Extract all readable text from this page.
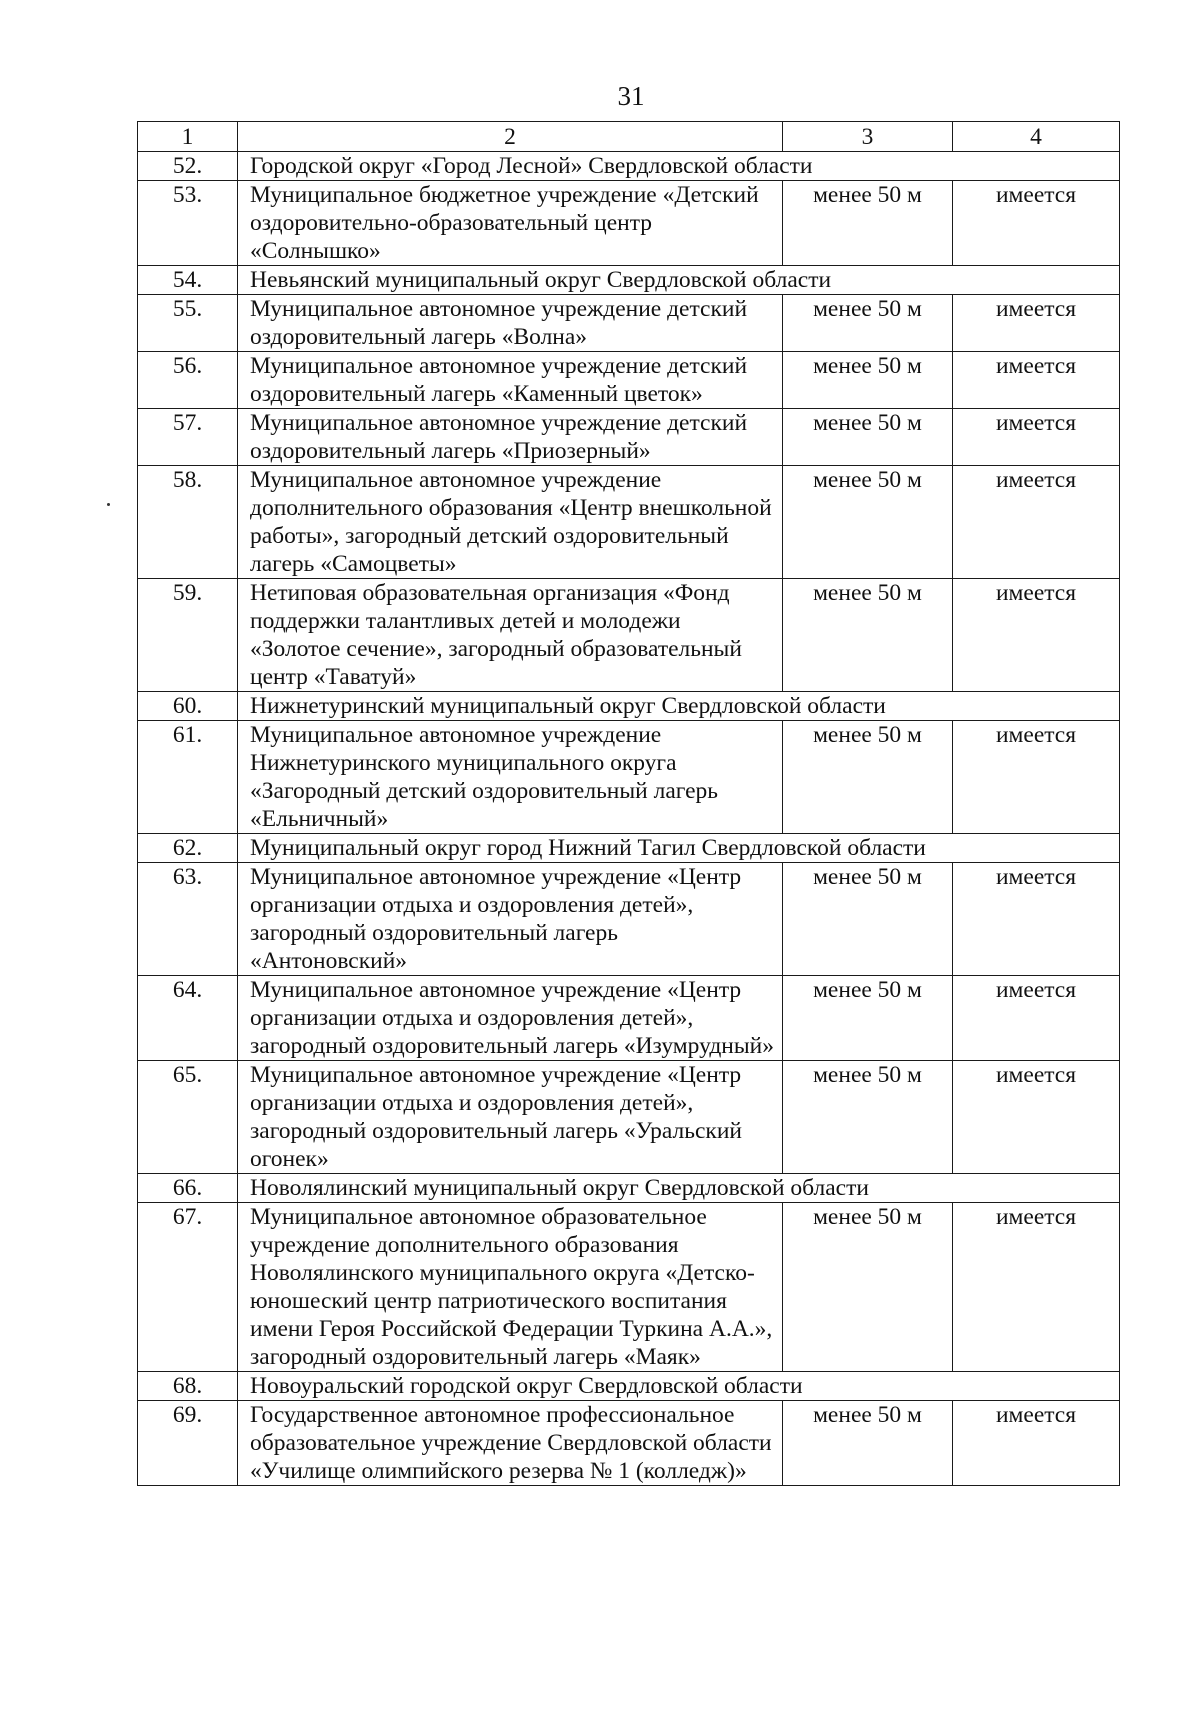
31
1	2	3	4
52.	Городской округ «Город Лесной» Свердловской области		
53.	Муниципальное бюджетное учреждение «Детский оздоровительно-образовательный центр «Солнышко»	менее 50 м	имеется
54.	Невьянский муниципальный округ Свердловской области		
55.	Муниципальное автономное учреждение детский оздоровительный лагерь «Волна»	менее 50 м	имеется
56.	Муниципальное автономное учреждение детский оздоровительный лагерь «Каменный цветок»	менее 50 м	имеется
57.	Муниципальное автономное учреждение детский оздоровительный лагерь «Приозерный»	менее 50 м	имеется
58.	Муниципальное автономное учреждение дополнительного образования «Центр внешкольной работы», загородный детский оздоровительный лагерь «Самоцветы»	менее 50 м	имеется
59.	Нетиповая образовательная организация «Фонд поддержки талантливых детей и молодежи «Золотое сечение», загородный образовательный центр «Таватуй»	менее 50 м	имеется
60.	Нижнетуринский муниципальный округ Свердловской области		
61.	Муниципальное автономное учреждение Нижнетуринского муниципального округа «Загородный детский оздоровительный лагерь «Ельничный»	менее 50 м	имеется
62.	Муниципальный округ город Нижний Тагил Свердловской области		
63.	Муниципальное автономное учреждение «Центр организации отдыха и оздоровления детей», загородный оздоровительный лагерь «Антоновский»	менее 50 м	имеется
64.	Муниципальное автономное учреждение «Центр организации отдыха и оздоровления детей», загородный оздоровительный лагерь «Изумрудный»	менее 50 м	имеется
65.	Муниципальное автономное учреждение «Центр организации отдыха и оздоровления детей», загородный оздоровительный лагерь «Уральский огонек»	менее 50 м	имеется
66.	Новолялинский муниципальный округ Свердловской области		
67.	Муниципальное автономное образовательное учреждение дополнительного образования Новолялинского муниципального округа «Детско-юношеский центр патриотического воспитания имени Героя Российской Федерации Туркина А.А.», загородный оздоровительный лагерь «Маяк»	менее 50 м	имеется
68.	Новоуральский городской округ Свердловской области		
69.	Государственное автономное профессиональное образовательное учреждение Свердловской области «Училище олимпийского резерва № 1 (колледж)»	менее 50 м	имеется
